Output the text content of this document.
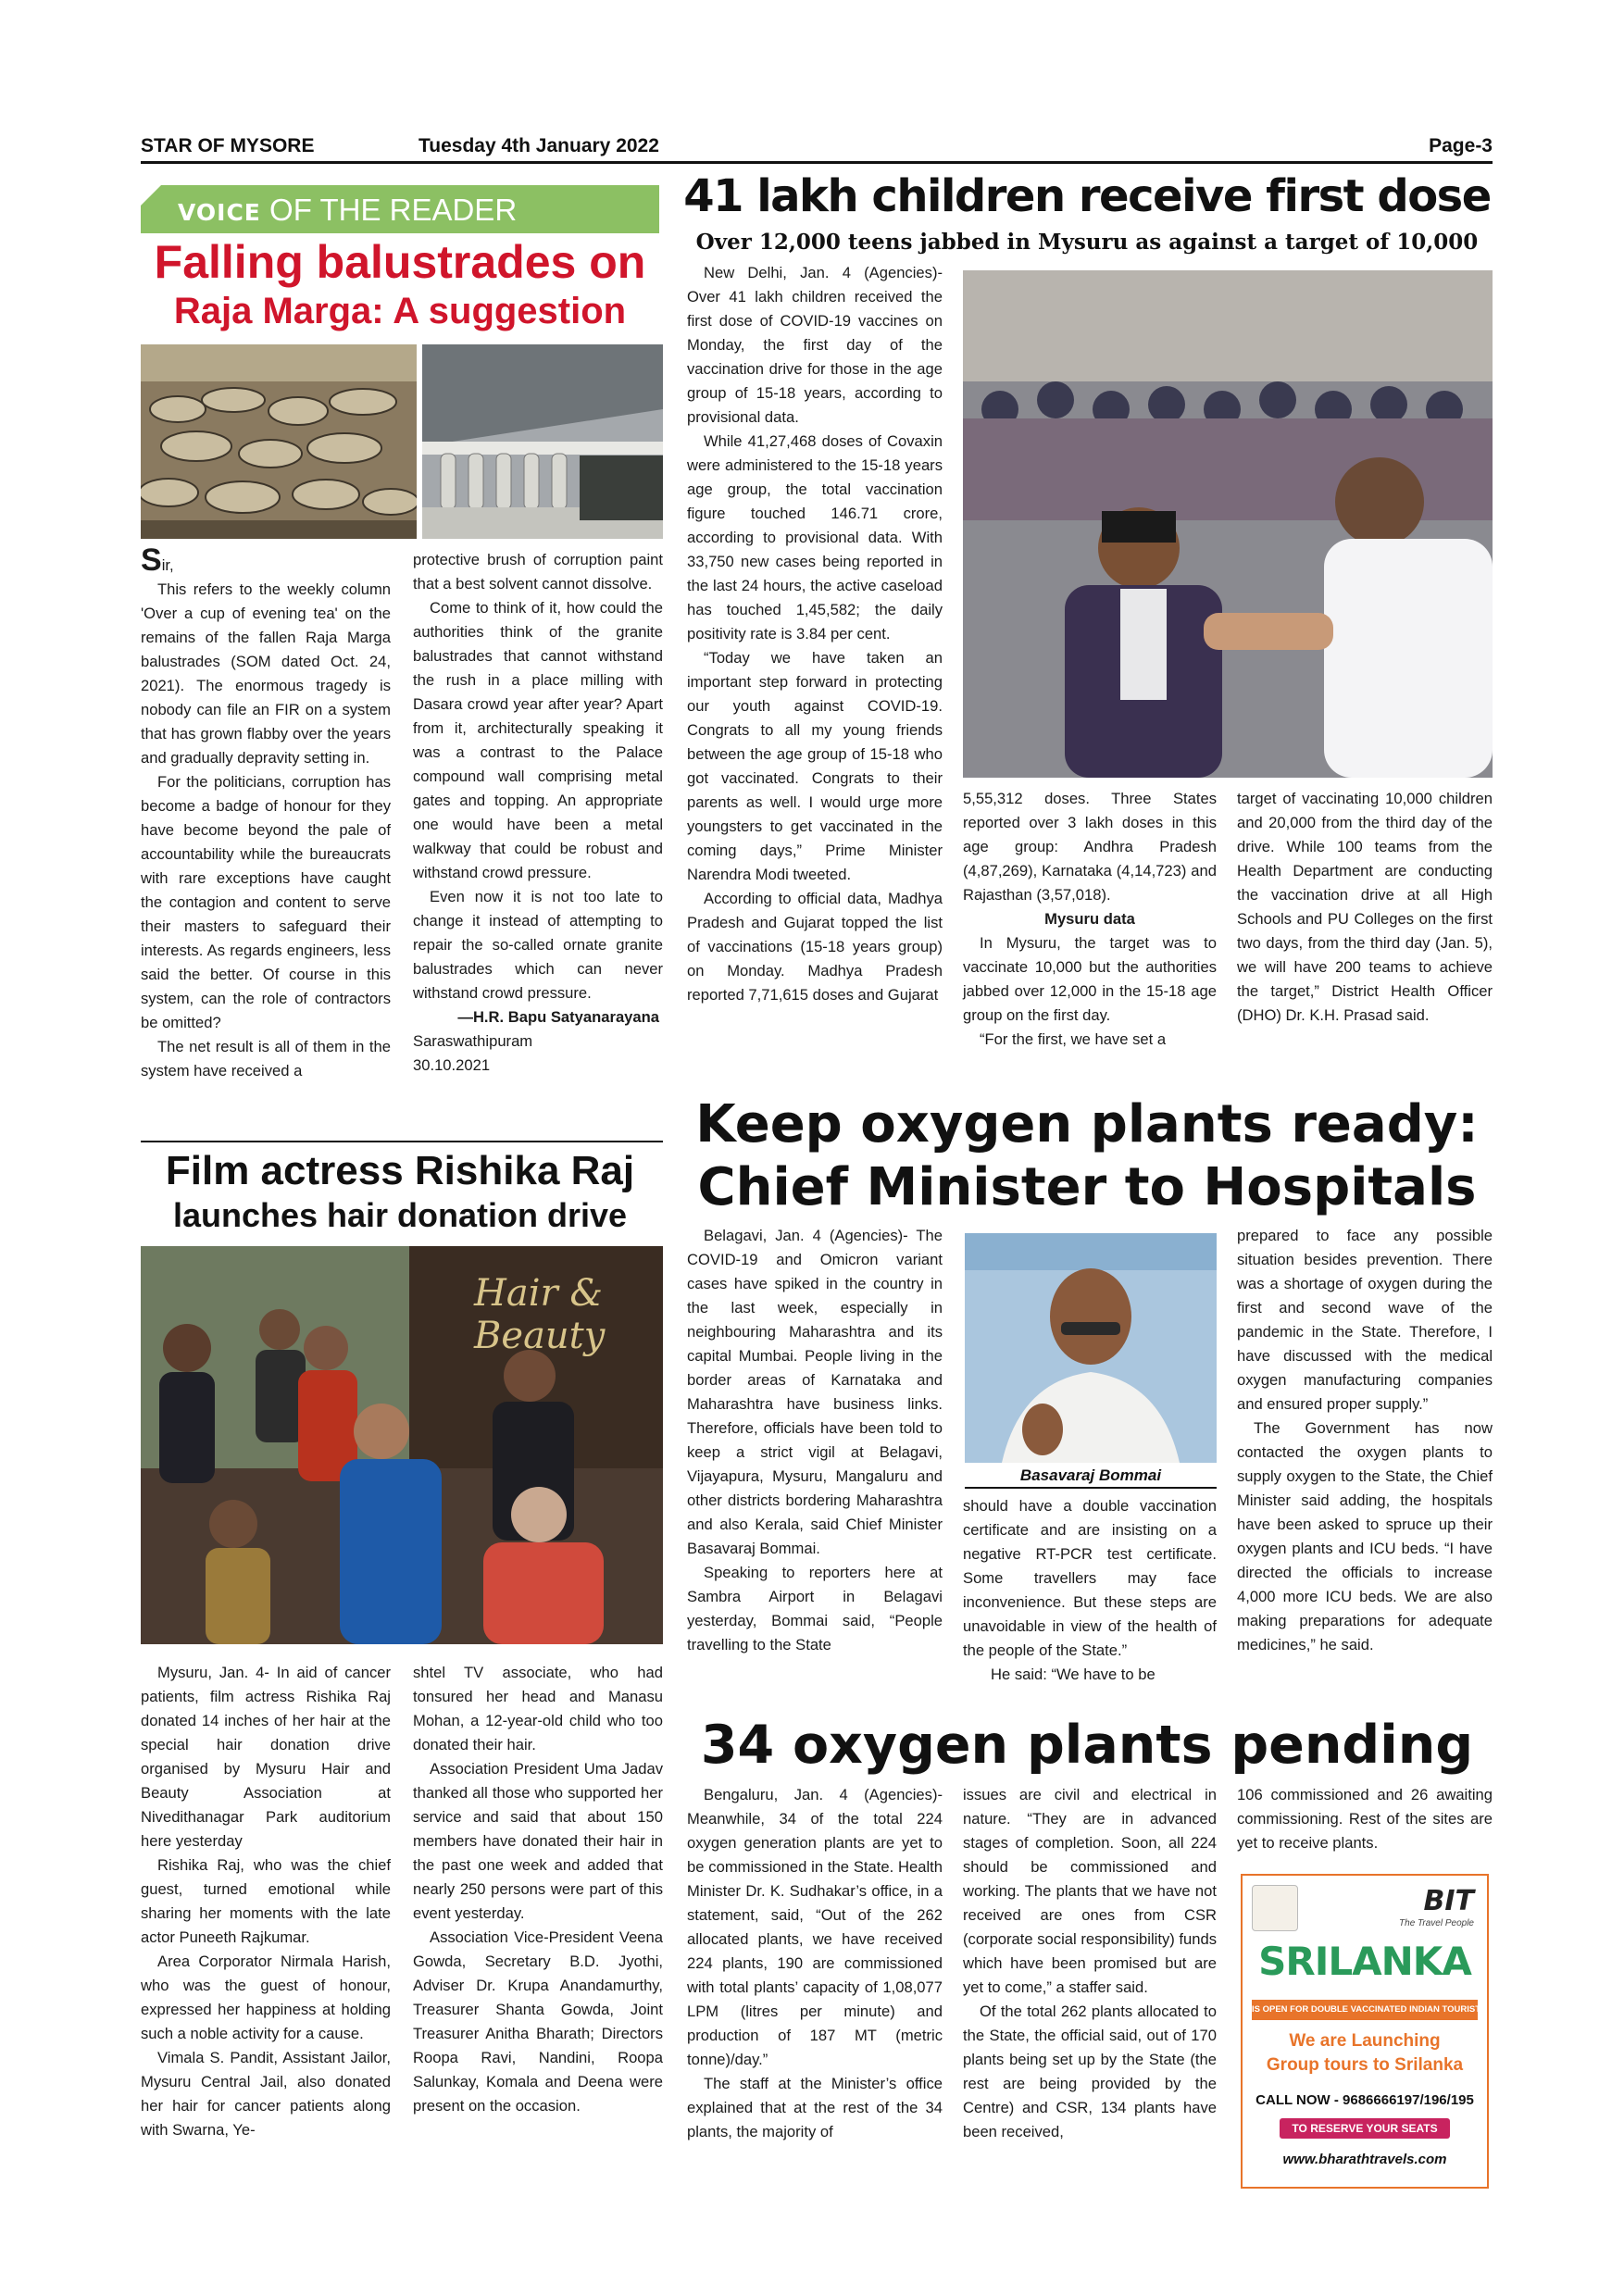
STAR OF MYSORE	Tuesday 4th January 2022	Page-3
VOICE OF THE READER
Falling balustrades on
Raja Marga: A suggestion

Sir,

This refers to the weekly column 'Over a cup of evening tea' on the remains of the fallen Raja Marga balustrades (SOM dated Oct. 24, 2021). The enormous tragedy is nobody can file an FIR on a system that has grown flabby over the years and gradually depravity setting in.

For the politicians, corruption has become a badge of honour for they have become beyond the pale of accountability while the bureaucrats with rare exceptions have caught the contagion and content to serve their masters to safeguard their interests. As regards engineers, less said the better. Of course in this system, can the role of contractors be omitted?

The net result is all of them in the system have received a

protective brush of corruption paint that a best solvent cannot dissolve.

Come to think of it, how could the authorities think of the granite balustrades that cannot withstand the rush in a place milling with Dasara crowd year after year? Apart from it, architecturally speaking it was a contrast to the Palace compound wall comprising metal gates and topping. An appropriate one would have been a metal walkway that could be robust and withstand crowd pressure.

Even now it is not too late to change it instead of attempting to repair the so-called ornate granite balustrades which can never withstand crowd pressure.

—H.R. Bapu Satyanarayana

Saraswathipuram

30.10.2021

Film actress Rishika Raj
launches hair donation drive
Hair & Beauty

Mysuru, Jan. 4- In aid of cancer patients, film actress Rishika Raj donated 14 inches of her hair at the special hair donation drive organised by Mysuru Hair and Beauty Association at Nivedithanagar Park auditorium here yesterday

Rishika Raj, who was the chief guest, turned emotional while sharing her moments with the late actor Puneeth Rajkumar.

Area Corporator Nirmala Harish, who was the guest of honour, expressed her happiness at holding such a noble activity for a cause.

Vimala S. Pandit, Assistant Jailor, Mysuru Central Jail, also donated her hair for cancer patients along with Swarna, Ye-

shtel TV associate, who had tonsured her head and Manasu Mohan, a 12-year-old child who too donated their hair.

Association President Uma Jadav thanked all those who supported her service and said that about 150 members have donated their hair in the past one week and added that nearly 250 persons were part of this event yesterday.

Association Vice-President Veena Gowda, Secretary B.D. Jyothi, Adviser Dr. Krupa Anandamurthy, Treasurer Shanta Gowda, Joint Treasurer Anitha Bharath; Directors Roopa Ravi, Nandini, Roopa Salunkay, Komala and Deena were present on the occasion.

41 lakh children receive first dose
Over 12,000 teens jabbed in Mysuru as against a target of 10,000

New Delhi, Jan. 4 (Agencies)- Over 41 lakh children received the first dose of COVID-19 vaccines on Monday, the first day of the vaccination drive for those in the age group of 15-18 years, according to provisional data.

While 41,27,468 doses of Covaxin were administered to the 15-18 years age group, the total vaccination figure touched 146.71 crore, according to provisional data. With 33,750 new cases being reported in the last 24 hours, the active caseload has touched 1,45,582; the daily positivity rate is 3.84 per cent.

“Today we have taken an important step forward in protecting our youth against COVID-19. Congrats to all my young friends between the age group of 15-18 who got vaccinated. Congrats to their parents as well. I would urge more youngsters to get vaccinated in the coming days,” Prime Minister Narendra Modi tweeted.

According to official data, Madhya Pradesh and Gujarat topped the list of vaccinations (15-18 years group) on Monday. Madhya Pradesh reported 7,71,615 doses and Gujarat

5,55,312 doses. Three States reported over 3 lakh doses in this age group: Andhra Pradesh (4,87,269), Karnataka (4,14,723) and Rajasthan (3,57,018).

Mysuru data

In Mysuru, the target was to vaccinate 10,000 but the authorities jabbed over 12,000 in the 15-18 age group on the first day.

“For the first, we have set a

target of vaccinating 10,000 children and 20,000 from the third day of the drive. While 100 teams from the Health Department are conducting the vaccination drive at all High Schools and PU Colleges on the first two days, from the third day (Jan. 5), we will have 200 teams to achieve the target,” District Health Officer (DHO) Dr. K.H. Prasad said.

Keep oxygen plants ready:
Chief Minister to Hospitals

Belagavi, Jan. 4 (Agencies)- The COVID-19 and Omicron variant cases have spiked in the country in the last week, especially in neighbouring Maharashtra and its capital Mumbai. People living in the border areas of Karnataka and Maharashtra have business links. Therefore, officials have been told to keep a strict vigil at Belagavi, Vijayapura, Mysuru, Mangaluru and other districts bordering Maharashtra and also Kerala, said Chief Minister Basavaraj Bommai.

Speaking to reporters here at Sambra Airport in Belagavi yesterday, Bommai said, “People travelling to the State

Basavaraj Bommai

should have a double vaccination certificate and are insisting on a negative RT-PCR test certificate. Some travellers may face inconvenience. But these steps are unavoidable in view of the health of the people of the State.”

He said: “We have to be

prepared to face any possible situation besides prevention. There was a shortage of oxygen during the first and second wave of the pandemic in the State. Therefore, I have discussed with the medical oxygen manufacturing companies and ensured proper supply.”

The Government has now contacted the oxygen plants to supply oxygen to the State, the Chief Minister said adding, the hospitals have been asked to spruce up their oxygen plants and ICU beds. “I have directed the officials to increase 4,000 more ICU beds. We are also making preparations for adequate medicines,” he said.

34 oxygen plants pending

Bengaluru, Jan. 4 (Agencies)- Meanwhile, 34 of the total 224 oxygen generation plants are yet to be commissioned in the State. Health Minister Dr. K. Sudhakar’s office, in a statement, said, “Out of the 262 allocated plants, we have received 224 plants, 190 are commissioned with total plants’ capacity of 1,08,077 LPM (litres per minute) and production of 187 MT (metric tonne)/day.”

The staff at the Minister’s office explained that at the rest of the 34 plants, the majority of

issues are civil and electrical in nature. “They are in advanced stages of completion. Soon, all 224 should be commissioned and working. The plants that we have not received are ones from CSR (corporate social responsibility) funds which have been promised but are yet to come,” a staffer said.

Of the total 262 plants allocated to the State, the official said, out of 170 plants being set up by the State (the rest are being provided by the Centre) and CSR, 134 plants have been received,

106 commissioned and 26 awaiting commissioning. Rest of the sites are yet to receive plants.

BIT
The Travel People
SRILANKA
IS OPEN FOR DOUBLE VACCINATED INDIAN TOURISTS
We are Launching
Group tours to Srilanka
CALL NOW - 9686666197/196/195
TO RESERVE YOUR SEATS
www.bharathtravels.com
